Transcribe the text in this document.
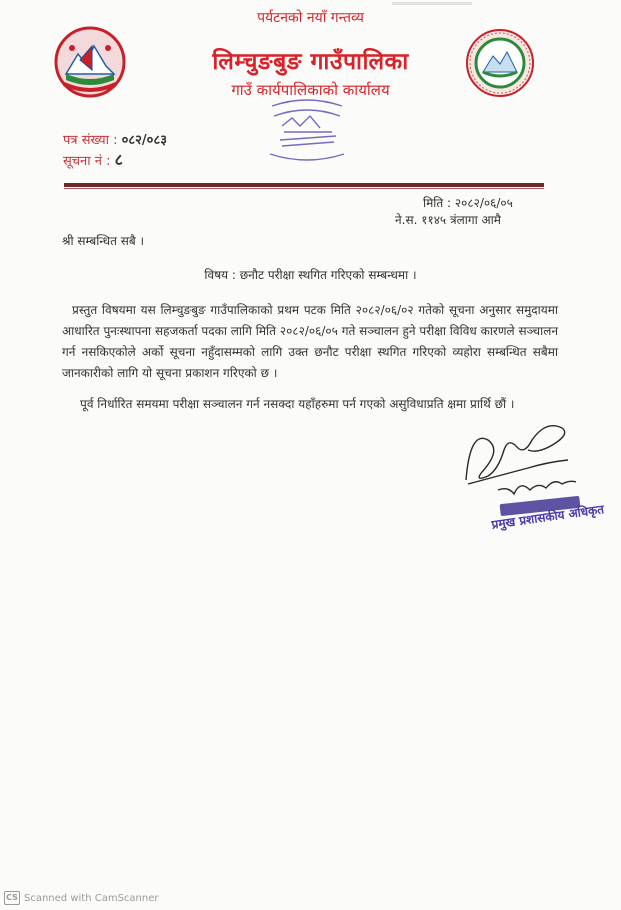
पर्यटनको नयाँ गन्तव्य
लिम्चुङबुङ गाउँपालिका
गाउँ कार्यपालिकाको कार्यालय
पत्र संख्या : ०८२/०८३
सूचना नं : ८
मिति : २०८२/०६/०५
ने.स. ११४५ त्रंलागा आमै
श्री सम्बन्धित सबै ।
विषय : छनौट परीक्षा स्थगित गरिएको सम्बन्धमा ।
प्रस्तुत विषयमा यस लिम्चुङबुङ गाउँपालिकाको प्रथम पटक मिति २०८२/०६/०२ गतेको सूचना अनुसार समुदायमा आधारित पुनःस्थापना सहजकर्ता पदका लागि मिति २०८२/०६/०५ गते सञ्चालन हुने परीक्षा विविध कारणले सञ्चालन गर्न नसकिएकोले अर्को सूचना नहुँदासम्मको लागि उक्त छनौट परीक्षा स्थगित गरिएको व्यहोरा सम्बन्धित सबैमा जानकारीको लागि यो सूचना प्रकाशन गरिएको छ ।
पूर्व निर्धारित समयमा परीक्षा सञ्चालन गर्न नसक्दा यहाँहरुमा पर्न गएको असुविधाप्रति क्षमा प्रार्थि छौं ।
प्रमुख प्रशासकीय अधिकृत
CS Scanned with CamScanner
